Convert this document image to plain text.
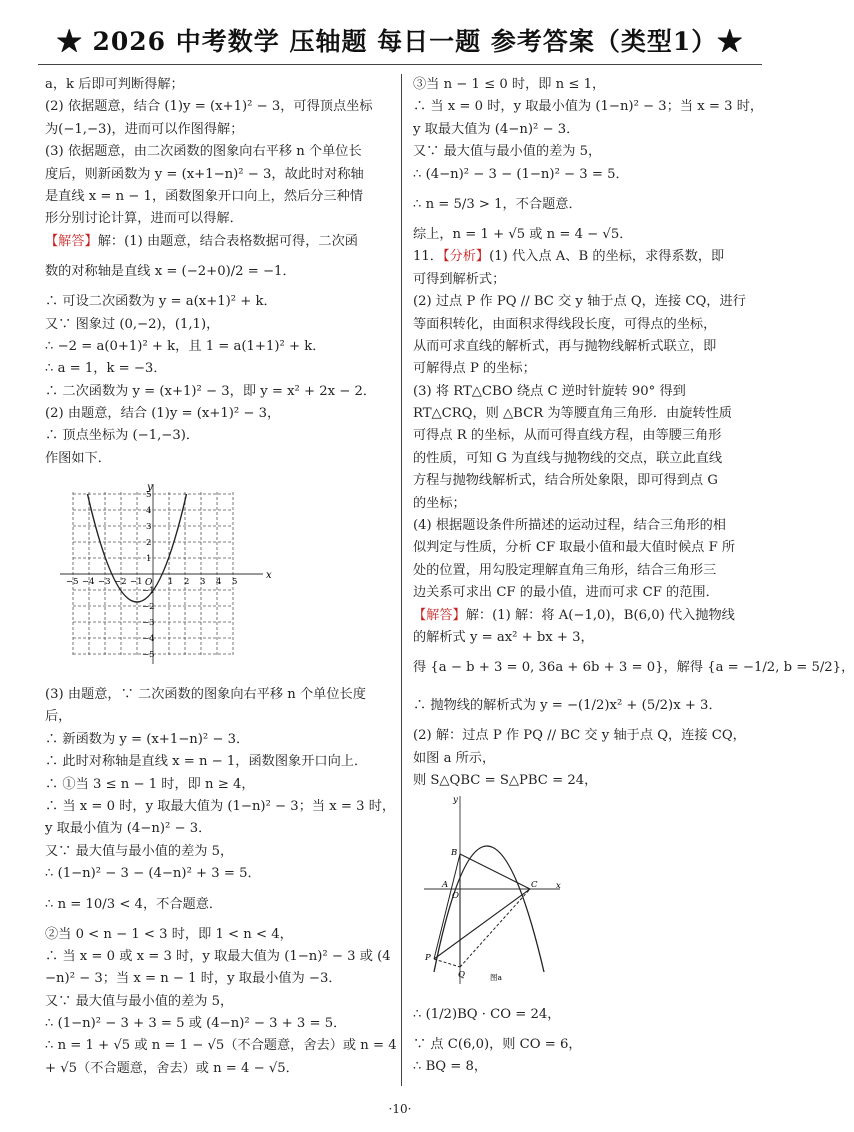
★ 2026 中考数学 压轴题 每日一题 参考答案（类型1）★
a，k 后即可判断得解；
(2) 依据题意，结合 (1)y = (x+1)² − 3，可得顶点坐标
为(−1,−3)，进而可以作图得解；
(3) 依据题意，由二次函数的图象向右平移 n 个单位长
度后，则新函数为 y = (x+1−n)² − 3，故此时对称轴
是直线 x = n − 1，函数图象开口向上，然后分三种情
形分别讨论计算，进而可以得解．
【解答】解：(1) 由题意，结合表格数据可得，二次函
数的对称轴是直线 x = (−2+0)/2 = −1．
∴ 可设二次函数为 y = a(x+1)² + k．
又∵ 图象过 (0,−2)，(1,1)，
∴ −2 = a(0+1)² + k，且 1 = a(1+1)² + k．
∴ a = 1，k = −3．
∴ 二次函数为 y = (x+1)² − 3，即 y = x² + 2x − 2．
(2) 由题意，结合 (1)y = (x+1)² − 3，
∴ 顶点坐标为 (−1,−3)．
作图如下．
x
y
O
−5 −4 −3 −2 −1	1 2 3 4 5
5
4
3
2
1
−1
−2
−3
−4
−5
(3) 由题意，∵ 二次函数的图象向右平移 n 个单位长度
后，
∴ 新函数为 y = (x+1−n)² − 3．
∴ 此时对称轴是直线 x = n − 1，函数图象开口向上．
∴ ①当 3 ≤ n − 1 时，即 n ≥ 4，
∴ 当 x = 0 时，y 取最大值为 (1−n)² − 3；当 x = 3 时，
y 取最小值为 (4−n)² − 3．
又∵ 最大值与最小值的差为 5，
∴ (1−n)² − 3 − (4−n)² + 3 = 5．
∴ n = 10/3 < 4，不合题意．
②当 0 < n − 1 < 3 时，即 1 < n < 4，
∴ 当 x = 0 或 x = 3 时，y 取最大值为 (1−n)² − 3 或 (4
−n)² − 3；当 x = n − 1 时，y 取最小值为 −3．
又∵ 最大值与最小值的差为 5，
∴ (1−n)² − 3 + 3 = 5 或 (4−n)² − 3 + 3 = 5．
∴ n = 1 + √5 或 n = 1 − √5（不合题意，舍去）或 n = 4
+ √5（不合题意，舍去）或 n = 4 − √5．
③当 n − 1 ≤ 0 时，即 n ≤ 1，
∴ 当 x = 0 时，y 取最小值为 (1−n)² − 3；当 x = 3 时，
y 取最大值为 (4−n)² − 3．
又∵ 最大值与最小值的差为 5，
∴ (4−n)² − 3 − (1−n)² − 3 = 5．
∴ n = 5/3 > 1，不合题意．
综上，n = 1 + √5 或 n = 4 − √5．
11．【分析】(1) 代入点 A、B 的坐标，求得系数，即
可得到解析式；
(2) 过点 P 作 PQ // BC 交 y 轴于点 Q，连接 CQ，进行
等面积转化，由面积求得线段长度，可得点的坐标，
从而可求直线的解析式，再与抛物线解析式联立，即
可解得点 P 的坐标；
(3) 将 RT△CBO 绕点 C 逆时针旋转 90° 得到
RT△CRQ，则 △BCR 为等腰直角三角形．由旋转性质
可得点 R 的坐标，从而可得直线方程，由等腰三角形
的性质，可知 G 为直线与抛物线的交点，联立此直线
方程与抛物线解析式，结合所处象限，即可得到点 G
的坐标；
(4) 根据题设条件所描述的运动过程，结合三角形的相
似判定与性质，分析 CF 取最小值和最大值时候点 F 所
处的位置，用勾股定理解直角三角形，结合三角形三
边关系可求出 CF 的最小值，进而可求 CF 的范围．
【解答】解：(1) 解：将 A(−1,0)，B(6,0) 代入抛物线
的解析式 y = ax² + bx + 3，
得 {a − b + 3 = 0, 36a + 6b + 3 = 0}，解得 {a = −1/2, b = 5/2}，
∴ 抛物线的解析式为 y = −(1/2)x² + (5/2)x + 3．
(2) 解：过点 P 作 PQ // BC 交 y 轴于点 Q，连接 CQ，
如图 a 所示，
则 S△QBC = S△PBC = 24，
y
x
B
A
O
C
P
Q	图a
∴ (1/2)BQ · CO = 24，
∵ 点 C(6,0)，则 CO = 6，
∴ BQ = 8，
·10·
